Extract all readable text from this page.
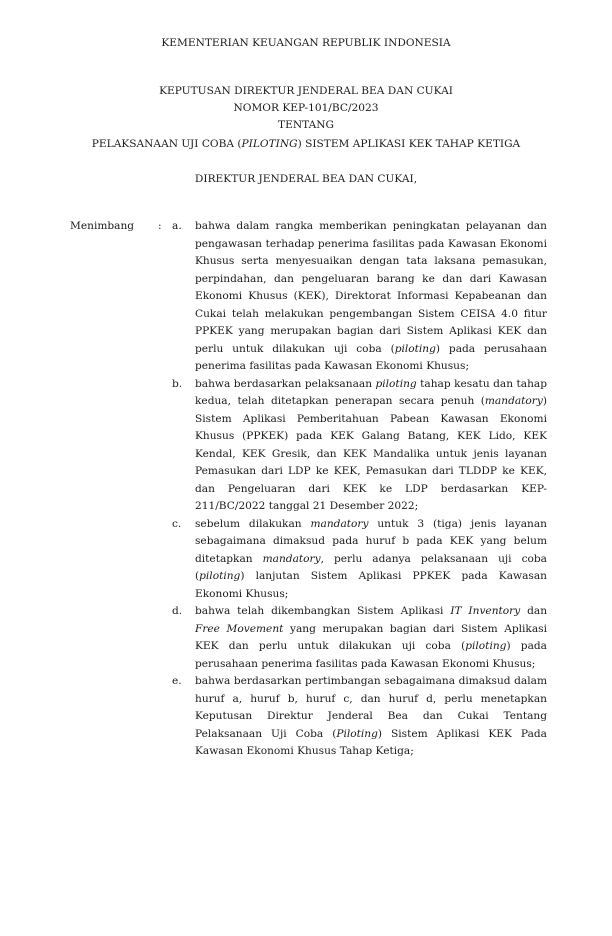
KEMENTERIAN KEUANGAN REPUBLIK INDONESIA
KEPUTUSAN DIREKTUR JENDERAL BEA DAN CUKAI
NOMOR KEP-101/BC/2023
TENTANG
PELAKSANAAN UJI COBA (PILOTING) SISTEM APLIKASI KEK TAHAP KETIGA
DIREKTUR JENDERAL BEA DAN CUKAI,
Menimbang : a. bahwa dalam rangka memberikan peningkatan pelayanan dan pengawasan terhadap penerima fasilitas pada Kawasan Ekonomi Khusus serta menyesuaikan dengan tata laksana pemasukan, perpindahan, dan pengeluaran barang ke dan dari Kawasan Ekonomi Khusus (KEK), Direktorat Informasi Kepabeanan dan Cukai telah melakukan pengembangan Sistem CEISA 4.0 fitur PPKEK yang merupakan bagian dari Sistem Aplikasi KEK dan perlu untuk dilakukan uji coba (piloting) pada perusahaan penerima fasilitas pada Kawasan Ekonomi Khusus;
b. bahwa berdasarkan pelaksanaan piloting tahap kesatu dan tahap kedua, telah ditetapkan penerapan secara penuh (mandatory) Sistem Aplikasi Pemberitahuan Pabean Kawasan Ekonomi Khusus (PPKEK) pada KEK Galang Batang, KEK Lido, KEK Kendal, KEK Gresik, dan KEK Mandalika untuk jenis layanan Pemasukan dari LDP ke KEK, Pemasukan dari TLDDP ke KEK, dan Pengeluaran dari KEK ke LDP berdasarkan KEP-211/BC/2022 tanggal 21 Desember 2022;
c. sebelum dilakukan mandatory untuk 3 (tiga) jenis layanan sebagaimana dimaksud pada huruf b pada KEK yang belum ditetapkan mandatory, perlu adanya pelaksanaan uji coba (piloting) lanjutan Sistem Aplikasi PPKEK pada Kawasan Ekonomi Khusus;
d. bahwa telah dikembangkan Sistem Aplikasi IT Inventory dan Free Movement yang merupakan bagian dari Sistem Aplikasi KEK dan perlu untuk dilakukan uji coba (piloting) pada perusahaan penerima fasilitas pada Kawasan Ekonomi Khusus;
e. bahwa berdasarkan pertimbangan sebagaimana dimaksud dalam huruf a, huruf b, huruf c, dan huruf d, perlu menetapkan Keputusan Direktur Jenderal Bea dan Cukai Tentang Pelaksanaan Uji Coba (Piloting) Sistem Aplikasi KEK Pada Kawasan Ekonomi Khusus Tahap Ketiga;
